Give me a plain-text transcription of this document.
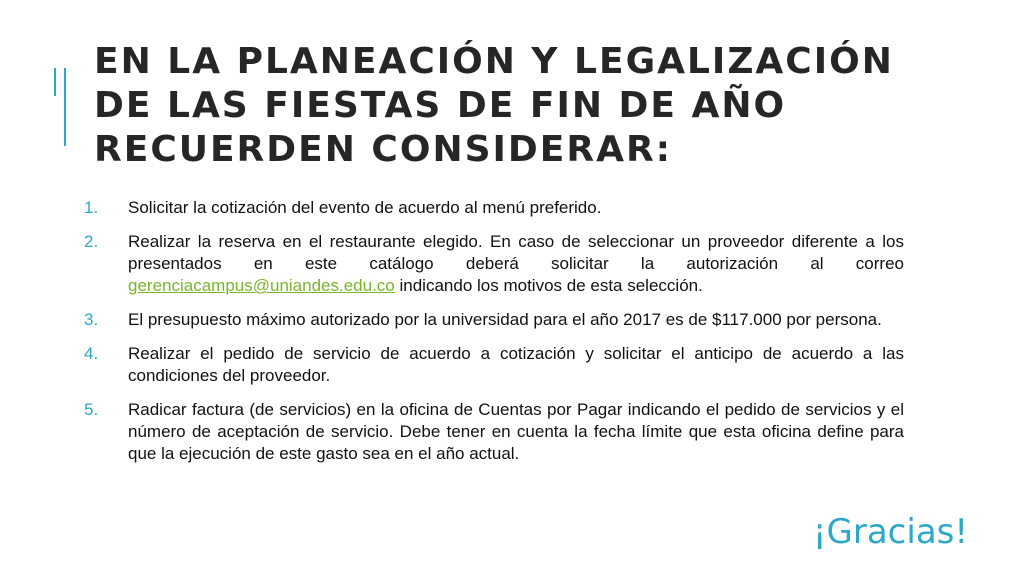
EN LA PLANEACIÓN Y LEGALIZACIÓN DE LAS FIESTAS DE FIN DE AÑO RECUERDEN CONSIDERAR:
1.	Solicitar la cotización del evento de acuerdo al menú preferido.
2.	Realizar la reserva en el restaurante elegido. En caso de seleccionar un proveedor diferente a los presentados en este catálogo deberá solicitar la autorización al correo gerenciacampus@uniandes.edu.co indicando los motivos de esta selección.
3.	El presupuesto máximo autorizado por la universidad para el año 2017 es de $117.000 por persona.
4.	Realizar el pedido de servicio de acuerdo a cotización y solicitar el anticipo de acuerdo a las condiciones del proveedor.
5.	Radicar factura (de servicios) en la oficina de Cuentas por Pagar indicando el pedido de servicios y el número de aceptación de servicio. Debe tener en cuenta la fecha límite que esta oficina define para que la ejecución de este gasto sea en el año actual.
¡Gracias!
